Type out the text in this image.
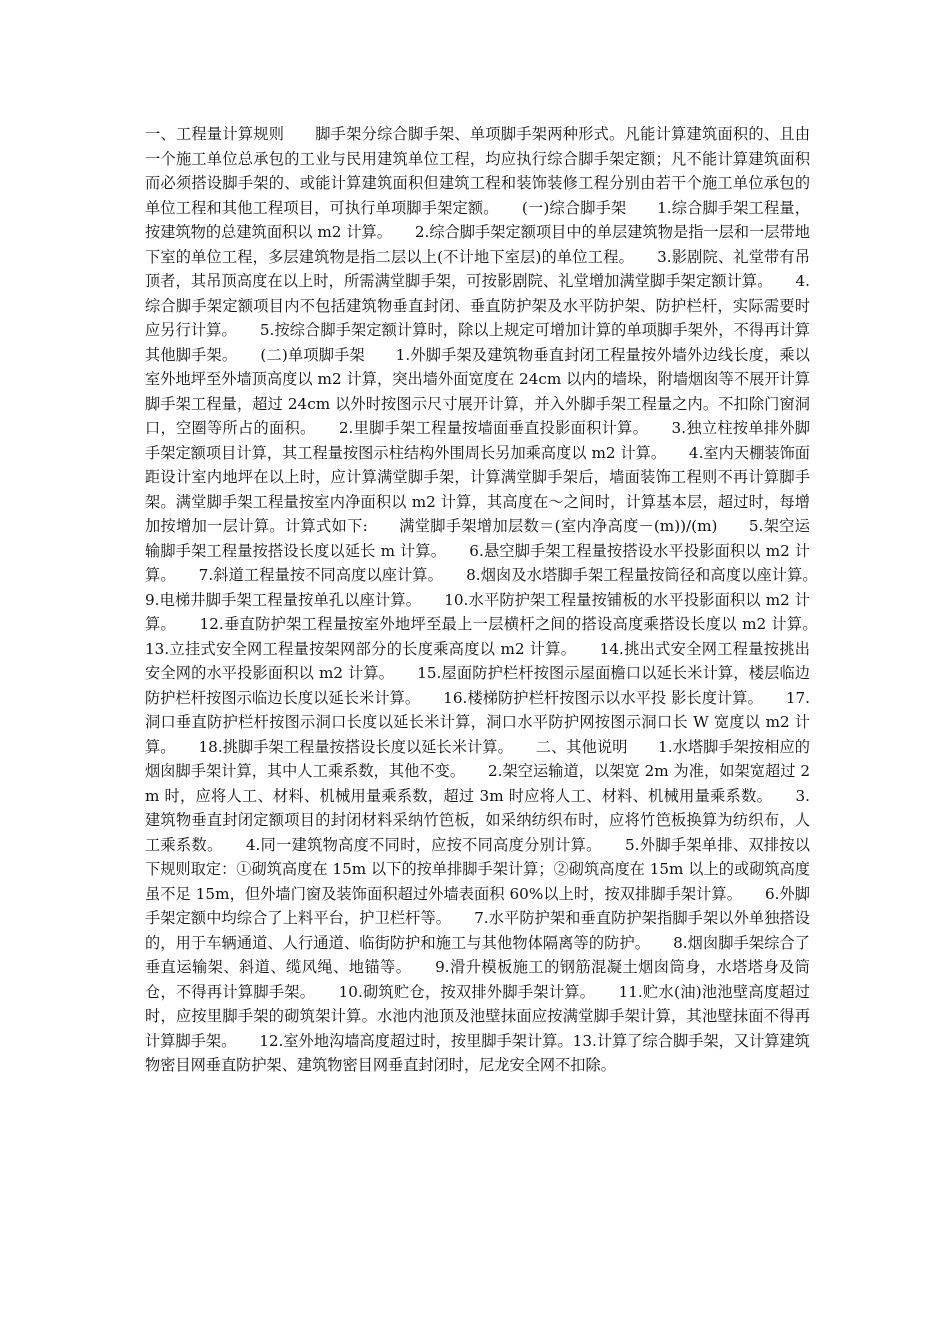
一、工程量计算规则　　脚手架分综合脚手架、单项脚手架两种形式。凡能计算建筑面积的、且由一个施工单位总承包的工业与民用建筑单位工程，均应执行综合脚手架定额；凡不能计算建筑面积而必须搭设脚手架的、或能计算建筑面积但建筑工程和装饰装修工程分别由若干个施工单位承包的单位工程和其他工程项目，可执行单项脚手架定额。　　(一)综合脚手架　　1.综合脚手架工程量，按建筑物的总建筑面积以 m2 计算。　　2.综合脚手架定额项目中的单层建筑物是指一层和一层带地下室的单位工程，多层建筑物是指二层以上(不计地下室层)的单位工程。　　3.影剧院、礼堂带有吊顶者，其吊顶高度在以上时，所需满堂脚手架，可按影剧院、礼堂增加满堂脚手架定额计算。　　4.综合脚手架定额项目内不包括建筑物垂直封闭、垂直防护架及水平防护架、防护栏杆，实际需要时应另行计算。　　5.按综合脚手架定额计算时，除以上规定可增加计算的单项脚手架外，不得再计算其他脚手架。　　(二)单项脚手架　　1.外脚手架及建筑物垂直封闭工程量按外墙外边线长度，乘以室外地坪至外墙顶高度以 m2 计算，突出墙外面宽度在 24cm 以内的墙垛，附墙烟囱等不展开计算脚手架工程量，超过 24cm 以外时按图示尺寸展开计算，并入外脚手架工程量之内。不扣除门窗洞口，空圈等所占的面积。　　2.里脚手架工程量按墙面垂直投影面积计算。　　3.独立柱按单排外脚手架定额项目计算，其工程量按图示柱结构外围周长另加乘高度以 m2 计算。　　4.室内天棚装饰面距设计室内地坪在以上时，应计算满堂脚手架，计算满堂脚手架后，墙面装饰工程则不再计算脚手架。满堂脚手架工程量按室内净面积以 m2 计算，其高度在～之间时，计算基本层，超过时，每增加按增加一层计算。计算式如下:　　满堂脚手架增加层数＝(室内净高度－(m))/(m)　　5.架空运输脚手架工程量按搭设长度以延长 m 计算。　　6.悬空脚手架工程量按搭设水平投影面积以 m2 计算。　　7.斜道工程量按不同高度以座计算。　　8.烟囱及水塔脚手架工程量按筒径和高度以座计算。　　9.电梯井脚手架工程量按单孔以座计算。　　10.水平防护架工程量按铺板的水平投影面积以 m2 计算。　　12.垂直防护架工程量按室外地坪至最上一层横杆之间的搭设高度乘搭设长度以 m2 计算。　　13.立挂式安全网工程量按架网部分的长度乘高度以 m2 计算。　　14.挑出式安全网工程量按挑出安全网的水平投影面积以 m2 计算。　　15.屋面防护栏杆按图示屋面檐口以延长米计算，楼层临边防护栏杆按图示临边长度以延长米计算。　　16.楼梯防护栏杆按图示以水平投 影长度计算。　　17.洞口垂直防护栏杆按图示洞口长度以延长米计算，洞口水平防护网按图示洞口长 W 宽度以 m2 计算。　　18.挑脚手架工程量按搭设长度以延长米计算。　　二、其他说明　　1.水塔脚手架按相应的烟囱脚手架计算，其中人工乘系数，其他不变。　　2.架空运输道，以架宽 2m 为准，如架宽超过 2m 时，应将人工、材料、机械用量乘系数，超过 3m 时应将人工、材料、机械用量乘系数。　　3.建筑物垂直封闭定额项目的封闭材料采纳竹笆板，如采纳纺织布时，应将竹笆板换算为纺织布，人工乘系数。　　4.同一建筑物高度不同时，应按不同高度分别计算。　　5.外脚手架单排、双排按以下规则取定：①砌筑高度在 15m 以下的按单排脚手架计算；②砌筑高度在 15m 以上的或砌筑高度虽不足 15m，但外墙门窗及装饰面积超过外墙表面积 60%以上时，按双排脚手架计算。　　6.外脚手架定额中均综合了上料平台，护卫栏杆等。　　7.水平防护架和垂直防护架指脚手架以外单独搭设的，用于车辆通道、人行通道、临街防护和施工与其他物体隔离等的防护。　　8.烟囱脚手架综合了垂直运输架、斜道、缆风绳、地锚等。　　9.滑升模板施工的钢筋混凝土烟囱筒身，水塔塔身及筒仓，不得再计算脚手架。　　10.砌筑贮仓，按双排外脚手架计算。　　11.贮水(油)池池壁高度超过时，应按里脚手架的砌筑架计算。水池内池顶及池壁抹面应按满堂脚手架计算，其池壁抹面不得再计算脚手架。　　12.室外地沟墙高度超过时，按里脚手架计算。13.计算了综合脚手架，又计算建筑物密目网垂直防护架、建筑物密目网垂直封闭时，尼龙安全网不扣除。
